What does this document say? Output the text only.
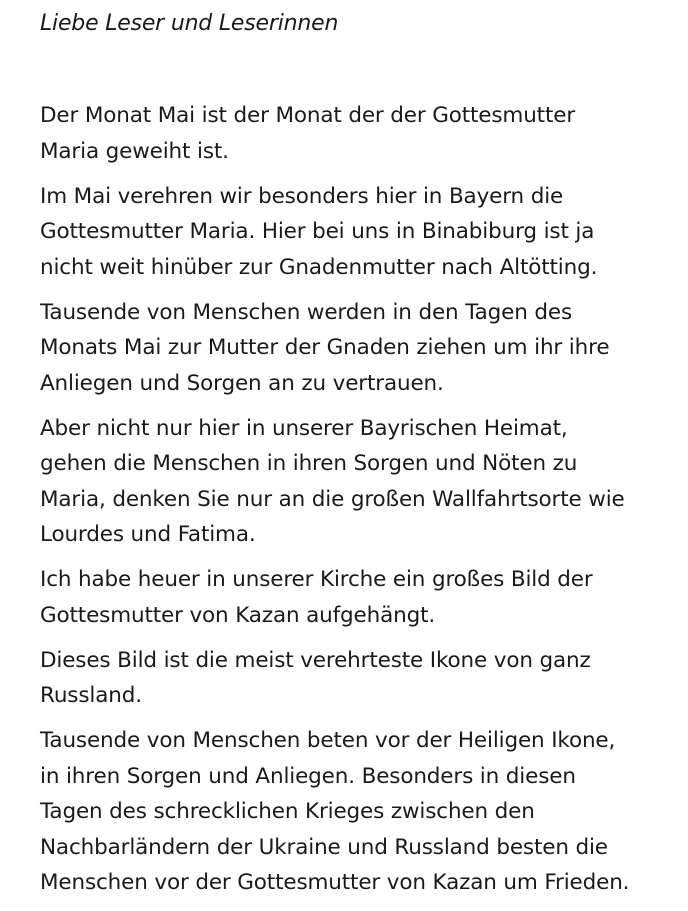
Liebe Leser und Leserinnen
Der Monat Mai ist der Monat der der Gottesmutter
Maria geweiht ist.
Im Mai verehren wir besonders hier in Bayern die
Gottesmutter Maria. Hier bei uns in Binabiburg ist ja
nicht weit hinüber zur Gnadenmutter nach Altötting.
Tausende von Menschen werden in den Tagen des
Monats Mai zur Mutter der Gnaden ziehen um ihr ihre
Anliegen und Sorgen an zu vertrauen.
Aber nicht nur hier in unserer Bayrischen Heimat,
gehen die Menschen in ihren Sorgen und Nöten zu
Maria, denken Sie nur an die großen Wallfahrtsorte wie
Lourdes und Fatima.
Ich habe heuer in unserer Kirche ein großes Bild der
Gottesmutter von Kazan aufgehängt.
Dieses Bild ist die meist verehrteste Ikone von ganz
Russland.
Tausende von Menschen beten vor der Heiligen Ikone,
in ihren Sorgen und Anliegen. Besonders in diesen
Tagen des schrecklichen Krieges zwischen den
Nachbarländern der Ukraine und Russland besten die
Menschen vor der Gottesmutter von Kazan um Frieden.
